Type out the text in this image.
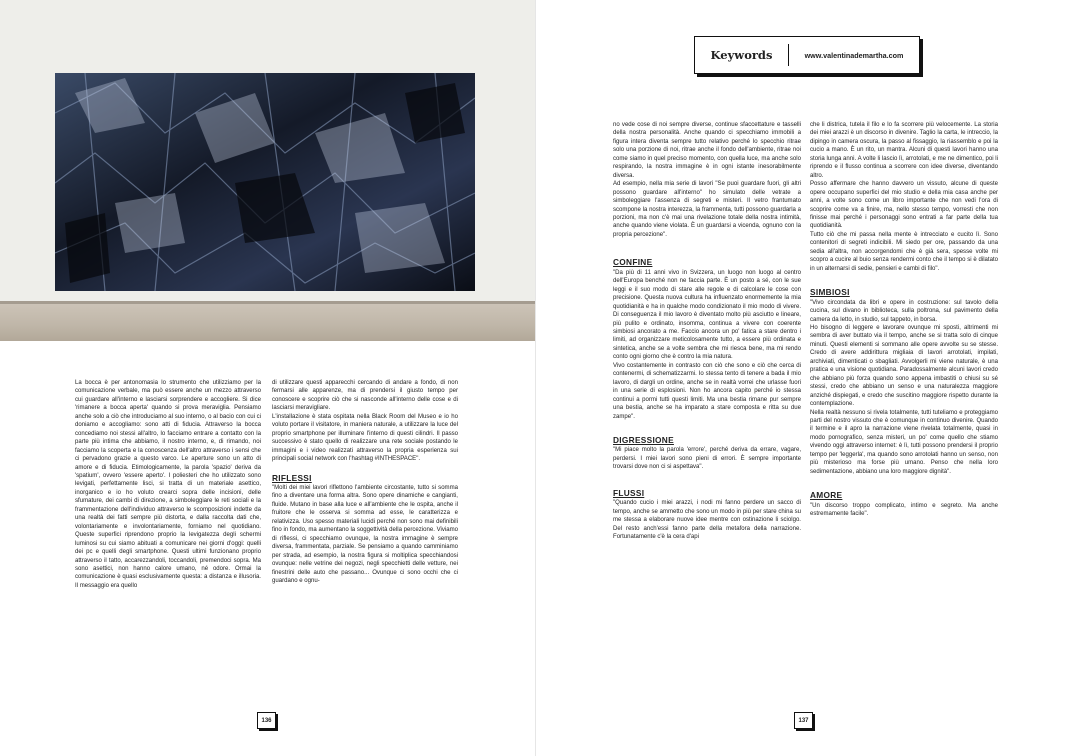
La bocca è per antonomasia lo strumento che utilizziamo per la comunicazione verbale, ma può essere anche un mezzo attraverso cui guardare all'interno e lasciarsi sorprendere e accogliere. Si dice 'rimanere a bocca aperta' quando si prova meraviglia. Pensiamo anche solo a ciò che introduciamo al suo interno, o al bacio con cui ci doniamo e accogliamo: sono atti di fiducia. Attraverso la bocca concediamo noi stessi all'altro, lo facciamo entrare a contatto con la parte più intima che abbiamo, il nostro interno, e, di rimando, noi facciamo la scoperta e la conoscenza dell'altro attraverso i sensi che ci pervadono grazie a questo varco. Le aperture sono un atto di amore e di fiducia. Etimologicamente, la parola 'spazio' deriva da 'spatium', ovvero 'essere aperto'. I poliesteri che ho utilizzato sono levigati, perfettamente lisci, si tratta di un materiale asettico, inorganico e io ho voluto crearci sopra delle incisioni, delle sfumature, dei cambi di direzione, a simboleggiare le reti sociali e la frammentazione dell'individuo attraverso le scomposizioni indette da una realtà dei fatti sempre più distorta, e dalla raccolta dati che, volontariamente e involontariamente, forniamo nel quotidiano. Queste superfici riprendono proprio la levigatezza degli schermi luminosi su cui siamo abituati a comunicare nei giorni d'oggi: quelli dei pc e quelli degli smartphone. Questi ultimi funzionano proprio attraverso il tatto, accarezzandoli, toccandoli, premendoci sopra. Ma sono asettici, non hanno calore umano, né odore. Ormai la comunicazione è quasi esclusivamente questa: a distanza e illusoria. Il messaggio era quello

di utilizzare questi apparecchi cercando di andare a fondo, di non fermarsi alle apparenze, ma di prendersi il giusto tempo per conoscere e scoprire ciò che si nasconde all'interno delle cose e di lasciarsi meravigliare.

L'installazione è stata ospitata nella Black Room del Museo e io ho voluto portare il visitatore, in maniera naturale, a utilizzare la luce del proprio smartphone per illuminare l'interno di questi cilindri. Il passo successivo è stato quello di realizzare una rete sociale postando le immagini e i video realizzati attraverso la propria esperienza sui principali social network con l'hashtag #INTHESPACE".

RIFLESSI

"Molti dei miei lavori riflettono l'ambiente circostante, tutto si somma fino a diventare una forma altra. Sono opere dinamiche e cangianti, fluide. Mutano in base alla luce e all'ambiente che le ospita, anche il fruitore che le osserva si somma ad esse, le caratterizza e relativizza. Uso spesso materiali lucidi perché non sono mai definibili fino in fondo, ma aumentano la soggettività della percezione. Viviamo di riflessi, ci specchiamo ovunque, la nostra immagine è sempre diversa, frammentata, parziale. Se pensiamo a quando camminiamo per strada, ad esempio, la nostra figura si moltiplica specchiandosi ovunque: nelle vetrine dei negozi, negli specchietti delle vetture, nei finestrini delle auto che passano... Ovunque ci sono occhi che ci guardano e ognu-

136
Keywords	www.valentinademartha.com

no vede cose di noi sempre diverse, continue sfaccettature e tasselli della nostra personalità. Anche quando ci specchiamo immobili a figura intera diventa sempre tutto relativo perché lo specchio ritrae solo una porzione di noi, ritrae anche il fondo dell'ambiente, ritrae noi come siamo in quel preciso momento, con quella luce, ma anche solo respirando, la nostra immagine è in ogni istante inesorabilmente diversa.

Ad esempio, nella mia serie di lavori "Se puoi guardare fuori, gli altri possono guardare all'interno" ho simulato delle vetrate a simboleggiare l'assenza di segreti e misteri. Il vetro frantumato scompone la nostra interezza, la frammenta, tutti possono guardarla a porzioni, ma non c'è mai una rivelazione totale della nostra intimità, anche quando viene violata. È un guardarsi a vicenda, ognuno con la propria percezione".

CONFINE

"Da più di 11 anni vivo in Svizzera, un luogo non luogo al centro dell'Europa benché non ne faccia parte. È un posto a sé, con le sue leggi e il suo modo di stare alle regole e di calcolare le cose con precisione. Questa nuova cultura ha influenzato enormemente la mia quotidianità e ha in qualche modo condizionato il mio modo di vivere. Di conseguenza il mio lavoro è diventato molto più asciutto e lineare, più pulito e ordinato, insomma, continua a vivere con coerente simbiosi ancorato a me. Faccio ancora un po' fatica a stare dentro i limiti, ad organizzare meticolosamente tutto, a essere più ordinata e sintetica, anche se a volte sembra che mi riesca bene, ma mi rendo conto ogni giorno che è contro la mia natura.

Vivo costantemente in contrasto con ciò che sono e ciò che cerca di contenermi, di schematizzarmi. Io stessa tento di tenere a bada il mio lavoro, di dargli un ordine, anche se in realtà vorrei che urlasse fuori in una serie di esplosioni. Non ho ancora capito perché io stessa continui a pormi tutti questi limiti. Ma una bestia rimane pur sempre una bestia, anche se ha imparato a stare composta e ritta su due zampe".

DIGRESSIONE

"Mi piace molto la parola 'errore', perché deriva da errare, vagare, perdersi. I miei lavori sono pieni di errori. È sempre importante trovarsi dove non ci si aspettava".

FLUSSI

"Quando cucio i miei arazzi, i nodi mi fanno perdere un sacco di tempo, anche se ammetto che sono un modo in più per stare china su me stessa a elaborare nuove idee mentre con ostinazione li sciolgo. Del resto anch'essi fanno parte della metafora della narrazione. Fortunatamente c'è la cera d'api

che li districa, tutela il filo e lo fa scorrere più velocemente. La storia dei miei arazzi è un discorso in divenire. Taglio la carta, le intreccio, la dipingo in camera oscura, la passo al fissaggio, la riassemblo e poi la cucio a mano. È un rito, un mantra. Alcuni di questi lavori hanno una storia lunga anni. A volte li lascio lì, arrotolati, e me ne dimentico, poi li riprendo e il flusso continua a scorrere con idee diverse, diventando altro.

Posso affermare che hanno davvero un vissuto, alcune di queste opere occupano superfici del mio studio e della mia casa anche per anni, a volte sono come un libro importante che non vedi l'ora di scoprire come va a finire, ma, nello stesso tempo, vorresti che non finisse mai perché i personaggi sono entrati a far parte della tua quotidianità.

Tutto ciò che mi passa nella mente è intrecciato e cucito lì. Sono contenitori di segreti indicibili. Mi siedo per ore, passando da una sedia all'altra, non accorgendomi che è già sera, spesse volte mi scopro a cucire al buio senza rendermi conto che il tempo si è dilatato in un alternarsi di sedie, pensieri e cambi di filo".

SIMBIOSI

"Vivo circondata da libri e opere in costruzione: sul tavolo della cucina, sul divano in biblioteca, sulla poltrona, sul pavimento della camera da letto, in studio, sul tappeto, in borsa.

Ho bisogno di leggere e lavorare ovunque mi sposti, altrimenti mi sembra di aver buttato via il tempo, anche se si tratta solo di cinque minuti. Questi elementi si sommano alle opere avvolte su se stesse. Credo di avere addirittura migliaia di lavori arrotolati, impilati, archiviati, dimenticati o sbagliati. Avvolgerli mi viene naturale, è una pratica e una visione quotidiana. Paradossalmente alcuni lavori credo che abbiano più forza quando sono appena imbastiti o chiusi su sé stessi, credo che abbiano un senso e una naturalezza maggiore anziché dispiegati, e credo che suscitino maggiore rispetto durante la contemplazione.

Nella realtà nessuno si rivela totalmente, tutti tuteliamo e proteggiamo parti del nostro vissuto che è comunque in continuo divenire. Quando il termine e il apro la narrazione viene rivelata totalmente, quasi in modo pornografico, senza misteri, un po' come quello che stiamo vivendo oggi attraverso internet: è lì, tutti possono prendersi il proprio tempo per 'leggerla', ma quando sono arrotolati hanno un senso, non più misterioso ma forse più umano. Penso che nella loro sedimentazione, abbiano una loro maggiore dignità".

AMORE

"Un discorso troppo complicato, intimo e segreto. Ma anche estremamente facile".

137
